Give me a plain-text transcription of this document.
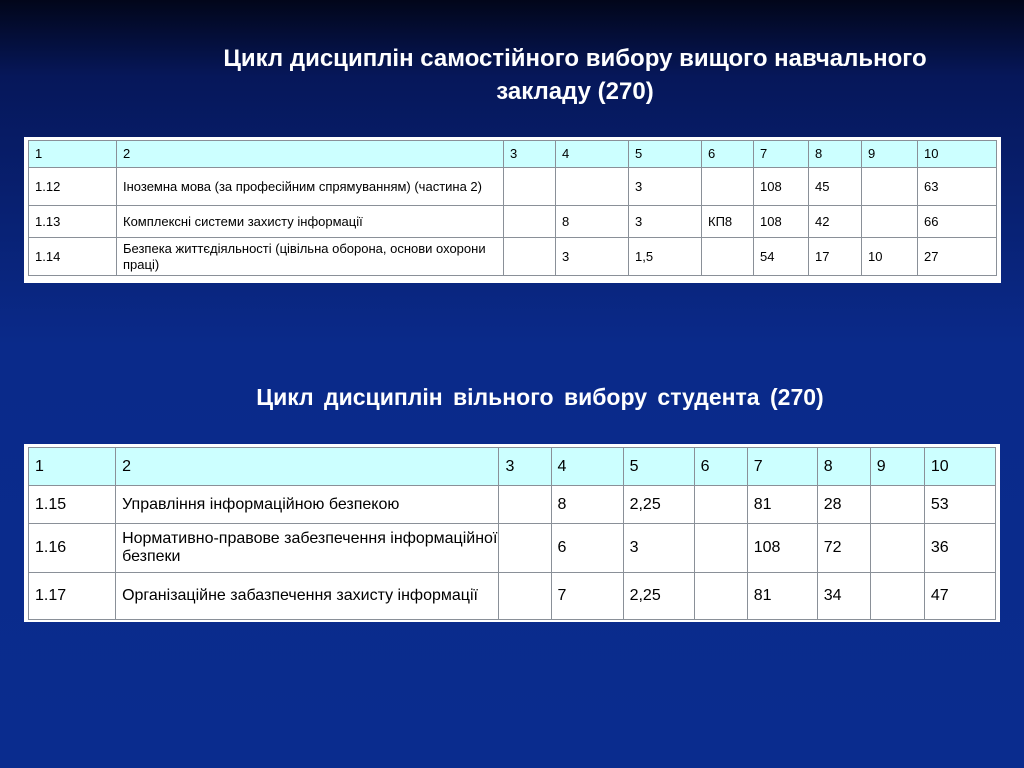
Цикл дисциплін самостійного вибору вищого навчального
закладу (270)
1	2	3	4	5	6	7	8	9	10
1.12	Іноземна мова (за професійним спрямуванням) (частина 2)			3		108	45		63
1.13	Комплексні системи захисту інформації		8	3	КП8	108	42		66
1.14	Безпека життєдіяльності (цівільна оборона, основи охорони праці)		3	1,5		54	17	10	27
Цикл дисциплін вільного вибору студента (270)
1	2	3	4	5	6	7	8	9	10
1.15	Управління інформаційною безпекою		8	2,25		81	28		53
1.16	Нормативно-правове забезпечення інформаційної безпеки		6	3		108	72		36
1.17	Організаційне забазпечення захисту інформації		7	2,25		81	34		47
